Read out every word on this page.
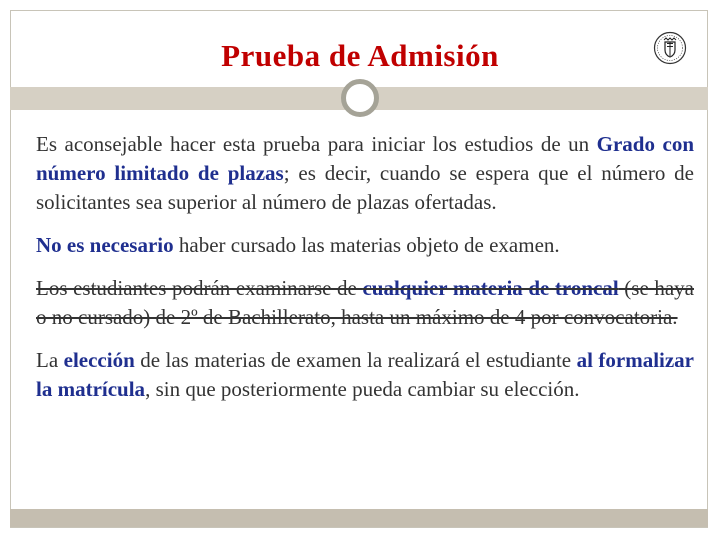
Prueba de Admisión
Es aconsejable hacer esta prueba para iniciar los estudios de un Grado con número limitado de plazas; es decir, cuando se espera que el número de solicitantes sea superior al número de plazas ofertadas.
No es necesario haber cursado las materias objeto de examen.
Los estudiantes podrán examinarse de cualquier materia de troncal (se haya o no cursado) de 2º de Bachillerato, hasta un máximo de 4 por convocatoria.
La elección de las materias de examen la realizará el estudiante al formalizar la matrícula, sin que posteriormente pueda cambiar su elección.
